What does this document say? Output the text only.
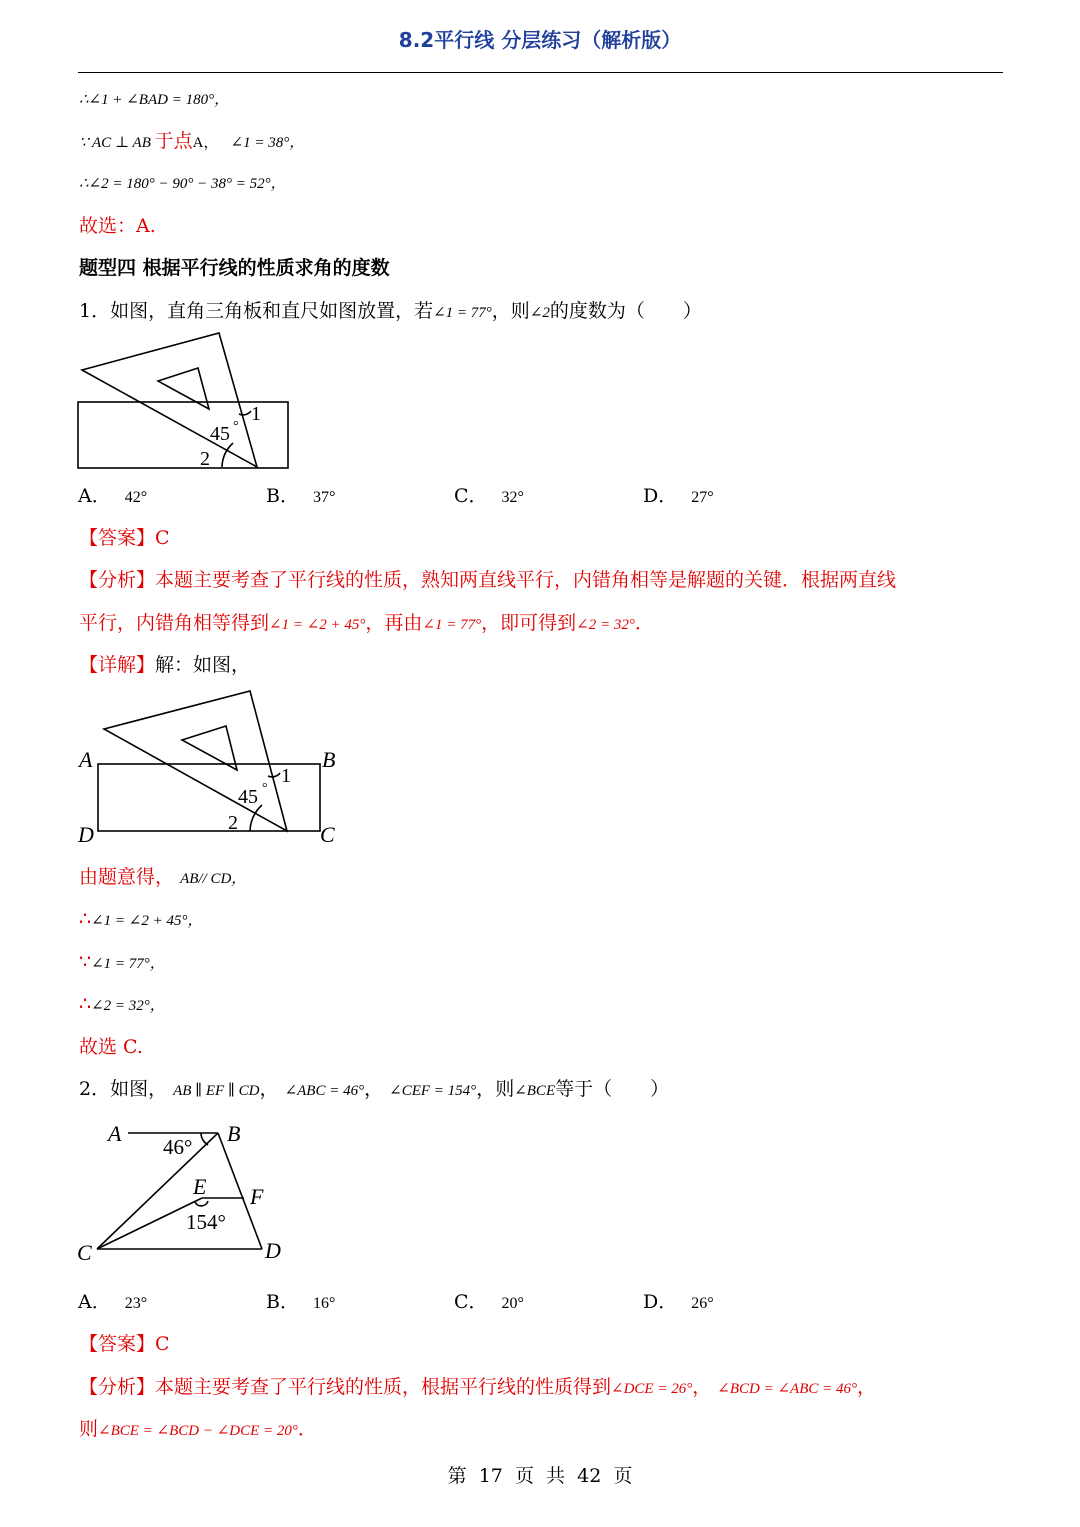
8.2平行线 分层练习（解析版）
∴∠1 + ∠BAD = 180°，
∵ AC ⊥ AB 于点A， ∠1 = 38°，
∴∠2 = 180° − 90° − 38° = 52°，
故选：A.
题型四 根据平行线的性质求角的度数
1．如图，直角三角板和直尺如图放置，若∠1 = 77°，则∠2的度数为（　　）
1
45 °
2
A． 42°	B． 37°	C． 32°	D． 27°
【答案】C
【分析】本题主要考查了平行线的性质，熟知两直线平行，内错角相等是解题的关键．根据两直线
平行，内错角相等得到∠1 = ∠2 + 45°，再由∠1 = 77°，即可得到∠2 = 32°．
【详解】解：如图，
A	B
C
D
1
45 °
2
由题意得， AB// CD，
∴∠1 = ∠2 + 45°，
∵∠1 = 77°，
∴∠2 = 32°，
故选 C.
2．如图， AB ∥ EF ∥ CD， ∠ABC = 46°， ∠CEF = 154°，则∠BCE等于（　　）
A	B
46°
E F
154°
C	D
A． 23°	B． 16°	C． 20°	D． 26°
【答案】C
【分析】本题主要考查了平行线的性质，根据平行线的性质得到∠DCE = 26°， ∠BCD = ∠ABC = 46°，
则∠BCE = ∠BCD − ∠DCE = 20°．
第  17  页  共  42  页
